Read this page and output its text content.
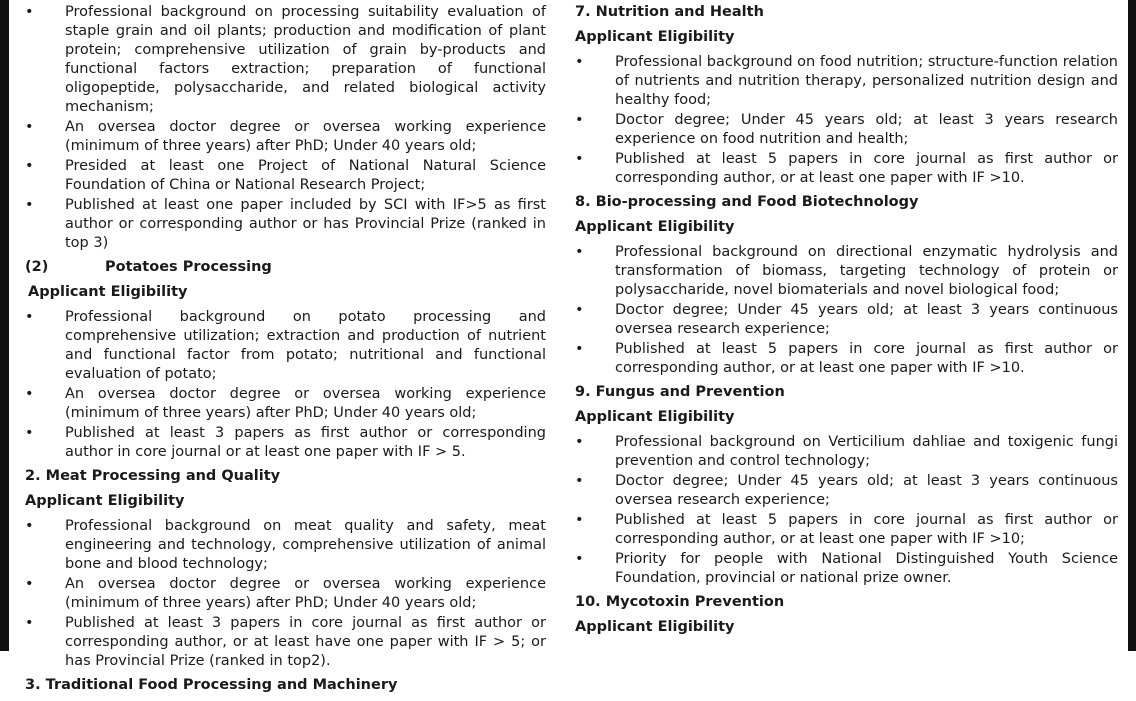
• Professional background on processing suitability evaluation of staple grain and oil plants; production and modification of plant protein; comprehensive utilization of grain by-products and functional factors extraction; preparation of functional oligopeptide, polysaccharide, and related biological activity mechanism;
• An oversea doctor degree or oversea working experience (minimum of three years) after PhD; Under 40 years old;
• Presided at least one Project of National Natural Science Foundation of China or National Research Project;
• Published at least one paper included by SCI with IF>5 as first author or corresponding author or has Provincial Prize (ranked in top 3)
(2)	Potatoes Processing
Applicant Eligibility
• Professional background on potato processing and comprehensive utilization; extraction and production of nutrient and functional factor from potato; nutritional and functional evaluation of potato;
• An oversea doctor degree or oversea working experience (minimum of three years) after PhD; Under 40 years old;
• Published at least 3 papers as first author or corresponding author in core journal or at least one paper with IF > 5.
2. Meat Processing and Quality
Applicant Eligibility
• Professional background on meat quality and safety, meat engineering and technology, comprehensive utilization of animal bone and blood technology;
• An oversea doctor degree or oversea working experience (minimum of three years) after PhD; Under 40 years old;
• Published at least 3 papers in core journal as first author or corresponding author, or at least have one paper with IF > 5; or has Provincial Prize (ranked in top2).
3. Traditional Food Processing and Machinery
7. Nutrition and Health
Applicant Eligibility
• Professional background on food nutrition; structure-function relation of nutrients and nutrition therapy, personalized nutrition design and healthy food;
• Doctor degree; Under 45 years old; at least 3 years research experience on food nutrition and health;
• Published at least 5 papers in core journal as first author or corresponding author, or at least one paper with IF >10.
8. Bio-processing and Food Biotechnology
Applicant Eligibility
• Professional background on directional enzymatic hydrolysis and transformation of biomass, targeting technology of protein or polysaccharide, novel biomaterials and novel biological food;
• Doctor degree; Under 45 years old; at least 3 years continuous oversea research experience;
• Published at least 5 papers in core journal as first author or corresponding author, or at least one paper with IF >10.
9. Fungus and Prevention
Applicant Eligibility
• Professional background on Verticilium dahliae and toxigenic fungi prevention and control technology;
• Doctor degree; Under 45 years old; at least 3 years continuous oversea research experience;
• Published at least 5 papers in core journal as first author or corresponding author, or at least one paper with IF >10;
• Priority for people with National Distinguished Youth Science Foundation, provincial or national prize owner.
10. Mycotoxin Prevention
Applicant Eligibility
